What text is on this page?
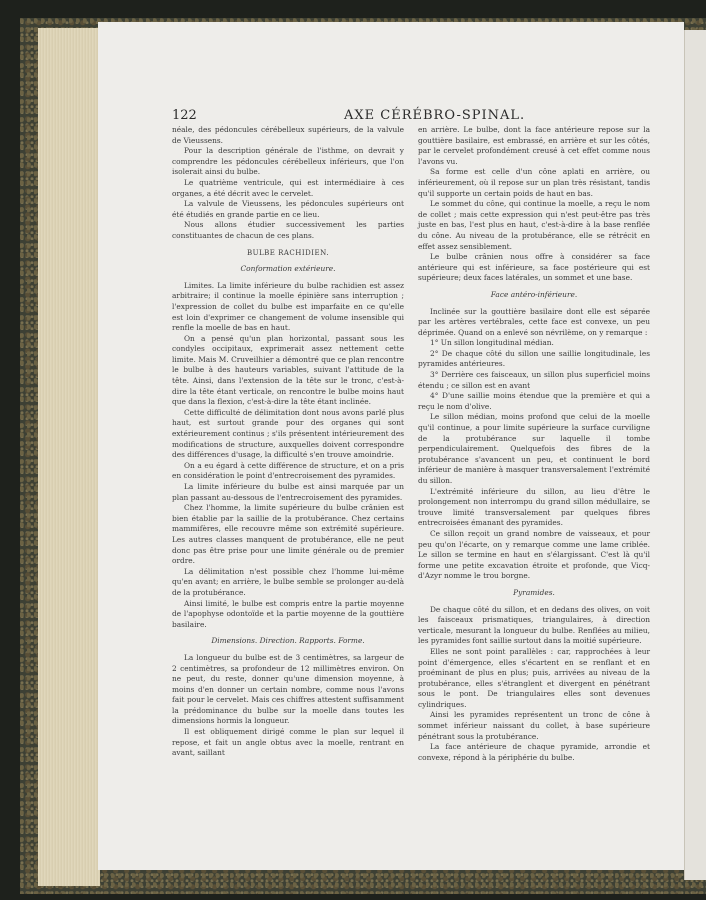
122	AXE CÉRÉBRO-SPINAL.

néale, des pédoncules cérébelleux supérieurs, de la valvule de Vieussens.

Pour la description générale de l'isthme, on devrait y comprendre les pédoncules cérébelleux inférieurs, que l'on isolerait ainsi du bulbe.

Le quatrième ventricule, qui est intermédiaire à ces organes, a été décrit avec le cervelet.

La valvule de Vieussens, les pédoncules supérieurs ont été étudiés en grande partie en ce lieu.

Nous allons étudier successivement les parties constituantes de chacun de ces plans.

BULBE RACHIDIEN.
Conformation extérieure.

Limites. La limite inférieure du bulbe rachidien est assez arbitraire; il continue la moelle épinière sans interruption ; l'expression de collet du bulbe est imparfaite en ce qu'elle est loin d'exprimer ce changement de volume insensible qui renfle la moelle de bas en haut.

On a pensé qu'un plan horizontal, passant sous les condyles occipitaux, exprimerait assez nettement cette limite. Mais M. Cruveilhier a démontré que ce plan rencontre le bulbe à des hauteurs variables, suivant l'attitude de la tête. Ainsi, dans l'extension de la tête sur le tronc, c'est-à-dire la tête étant verticale, on rencontre le bulbe moins haut que dans la flexion, c'est-à-dire la tête étant inclinée.

Cette difficulté de délimitation dont nous avons parlé plus haut, est surtout grande pour des organes qui sont extérieurement continus ; s'ils présentent intérieurement des modifications de structure, auxquelles doivent correspondre des différences d'usage, la difficulté s'en trouve amoindrie.

On a eu égard à cette différence de structure, et on a pris en considération le point d'entrecroisement des pyramides.

La limite inférieure du bulbe est ainsi marquée par un plan passant au-dessous de l'entrecroisement des pyramides.

Chez l'homme, la limite supérieure du bulbe crânien est bien établie par la saillie de la protubérance. Chez certains mammifères, elle recouvre même son extrémité supérieure. Les autres classes manquent de protubérance, elle ne peut donc pas être prise pour une limite générale ou de premier ordre.

La délimitation n'est possible chez l'homme lui-même qu'en avant; en arrière, le bulbe semble se prolonger au-delà de la protubérance.

Ainsi limité, le bulbe est compris entre la partie moyenne de l'apophyse odontoïde et la partie moyenne de la gouttière basilaire.

Dimensions. Direction. Rapports. Forme.

La longueur du bulbe est de 3 centimètres, sa largeur de 2 centimètres, sa profondeur de 12 millimètres environ. On ne peut, du reste, donner qu'une dimension moyenne, à moins d'en donner un certain nombre, comme nous l'avons fait pour le cervelet. Mais ces chiffres attestent suffisamment la prédominance du bulbe sur la moelle dans toutes les dimensions hormis la longueur.

Il est obliquement dirigé comme le plan sur lequel il repose, et fait un angle obtus avec la moelle, rentrant en avant, saillant

en arrière. Le bulbe, dont la face antérieure repose sur la gouttière basilaire, est embrassé, en arrière et sur les côtés, par le cervelet profondément creusé à cet effet comme nous l'avons vu.

Sa forme est celle d'un cône aplati en arrière, ou inférieurement, où il repose sur un plan très résistant, tandis qu'il supporte un certain poids de haut en bas.

Le sommet du cône, qui continue la moelle, a reçu le nom de collet ; mais cette expression qui n'est peut-être pas très juste en bas, l'est plus en haut, c'est-à-dire à la base renflée du cône. Au niveau de la protubérance, elle se rétrécit en effet assez sensiblement.

Le bulbe crânien nous offre à considérer sa face antérieure qui est inférieure, sa face postérieure qui est supérieure; deux faces latérales, un sommet et une base.

Face antéro-inférieure.

Inclinée sur la gouttière basilaire dont elle est séparée par les artères vertébrales, cette face est convexe, un peu déprimée. Quand on a enlevé son névrilème, on y remarque :

1° Un sillon longitudinal médian.

2° De chaque côté du sillon une saillie longitudinale, les pyramides antérieures.

3° Derrière ces faisceaux, un sillon plus superficiel moins étendu ; ce sillon est en avant

4° D'une saillie moins étendue que la première et qui a reçu le nom d'olive.

Le sillon médian, moins profond que celui de la moelle qu'il continue, a pour limite supérieure la surface curviligne de la protubérance sur laquelle il tombe perpendiculairement. Quelquefois des fibres de la protubérance s'avancent un peu, et continuent le bord inférieur de manière à masquer transversalement l'extrémité du sillon.

L'extrémité inférieure du sillon, au lieu d'être le prolongement non interrompu du grand sillon médullaire, se trouve limité transversalement par quelques fibres entrecroisées émanant des pyramides.

Ce sillon reçoit un grand nombre de vaisseaux, et pour peu qu'on l'écarte, on y remarque comme une lame criblée. Le sillon se termine en haut en s'élargissant. C'est là qu'il forme une petite excavation étroite et profonde, que Vicq-d'Azyr nomme le trou borgne.

Pyramides.

De chaque côté du sillon, et en dedans des olives, on voit les faisceaux prismatiques, triangulaires, à direction verticale, mesurant la longueur du bulbe. Renflées au milieu, les pyramides font saillie surtout dans la moitié supérieure.

Elles ne sont point parallèles : car, rapprochées à leur point d'émergence, elles s'écartent en se renflant et en proéminant de plus en plus; puis, arrivées au niveau de la protubérance, elles s'étranglent et divergent en pénétrant sous le pont. De triangulaires elles sont devenues cylindriques.

Ainsi les pyramides représentent un tronc de cône à sommet inférieur naissant du collet, à base supérieure pénétrant sous la protubérance.

La face antérieure de chaque pyramide, arrondie et convexe, répond à la périphérie du bulbe.
